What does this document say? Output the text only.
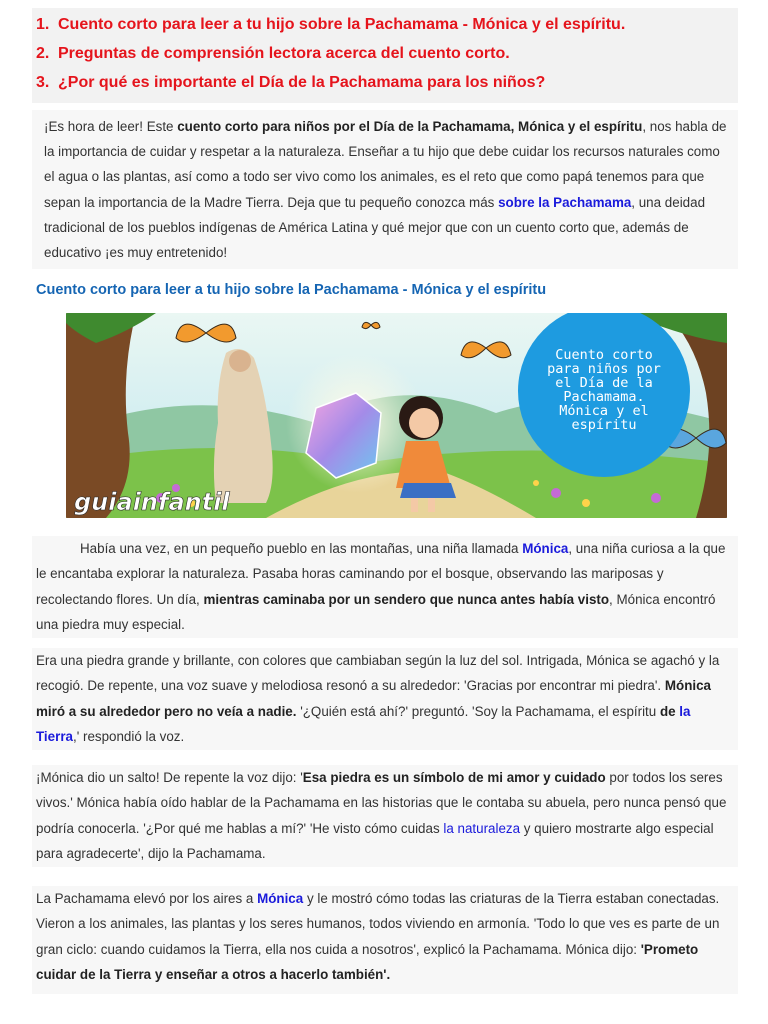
1. Cuento corto para leer a tu hijo sobre la Pachamama - Mónica y el espíritu.
2. Preguntas de comprensión lectora acerca del cuento corto.
3. ¿Por qué es importante el Día de la Pachamama para los niños?

¡Es hora de leer! Este cuento corto para niños por el Día de la Pachamama, Mónica y el espíritu, nos habla de la importancia de cuidar y respetar a la naturaleza. Enseñar a tu hijo que debe cuidar los recursos naturales como el agua o las plantas, así como a todo ser vivo como los animales, es el reto que como papá tenemos para que sepan la importancia de la Madre Tierra. Deja que tu pequeño conozca más sobre la Pachamama, una deidad tradicional de los pueblos indígenas de América Latina y qué mejor que con un cuento corto que, además de educativo ¡es muy entretenido!

Cuento corto para leer a tu hijo sobre la Pachamama - Mónica y el espíritu
Cuento corto
para niños por
el Día de la
Pachamama.
Mónica y el
espíritu
guiainfantil

Había una vez, en un pequeño pueblo en las montañas, una niña llamada Mónica, una niña curiosa a la que le encantaba explorar la naturaleza. Pasaba horas caminando por el bosque, observando las mariposas y recolectando flores. Un día, mientras caminaba por un sendero que nunca antes había visto, Mónica encontró una piedra muy especial.

Era una piedra grande y brillante, con colores que cambiaban según la luz del sol. Intrigada, Mónica se agachó y la recogió. De repente, una voz suave y melodiosa resonó a su alrededor: 'Gracias por encontrar mi piedra'. Mónica miró a su alrededor pero no veía a nadie. '¿Quién está ahí?' preguntó. 'Soy la Pachamama, el espíritu de la Tierra,' respondió la voz.

¡Mónica dio un salto! De repente la voz dijo: 'Esa piedra es un símbolo de mi amor y cuidado por todos los seres vivos.' Mónica había oído hablar de la Pachamama en las historias que le contaba su abuela, pero nunca pensó que podría conocerla. '¿Por qué me hablas a mí?' 'He visto cómo cuidas la naturaleza y quiero mostrarte algo especial para agradecerte', dijo la Pachamama.

La Pachamama elevó por los aires a Mónica y le mostró cómo todas las criaturas de la Tierra estaban conectadas. Vieron a los animales, las plantas y los seres humanos, todos viviendo en armonía. 'Todo lo que ves es parte de un gran ciclo: cuando cuidamos la Tierra, ella nos cuida a nosotros', explicó la Pachamama. Mónica dijo: 'Prometo cuidar de la Tierra y enseñar a otros a hacerlo también'.
